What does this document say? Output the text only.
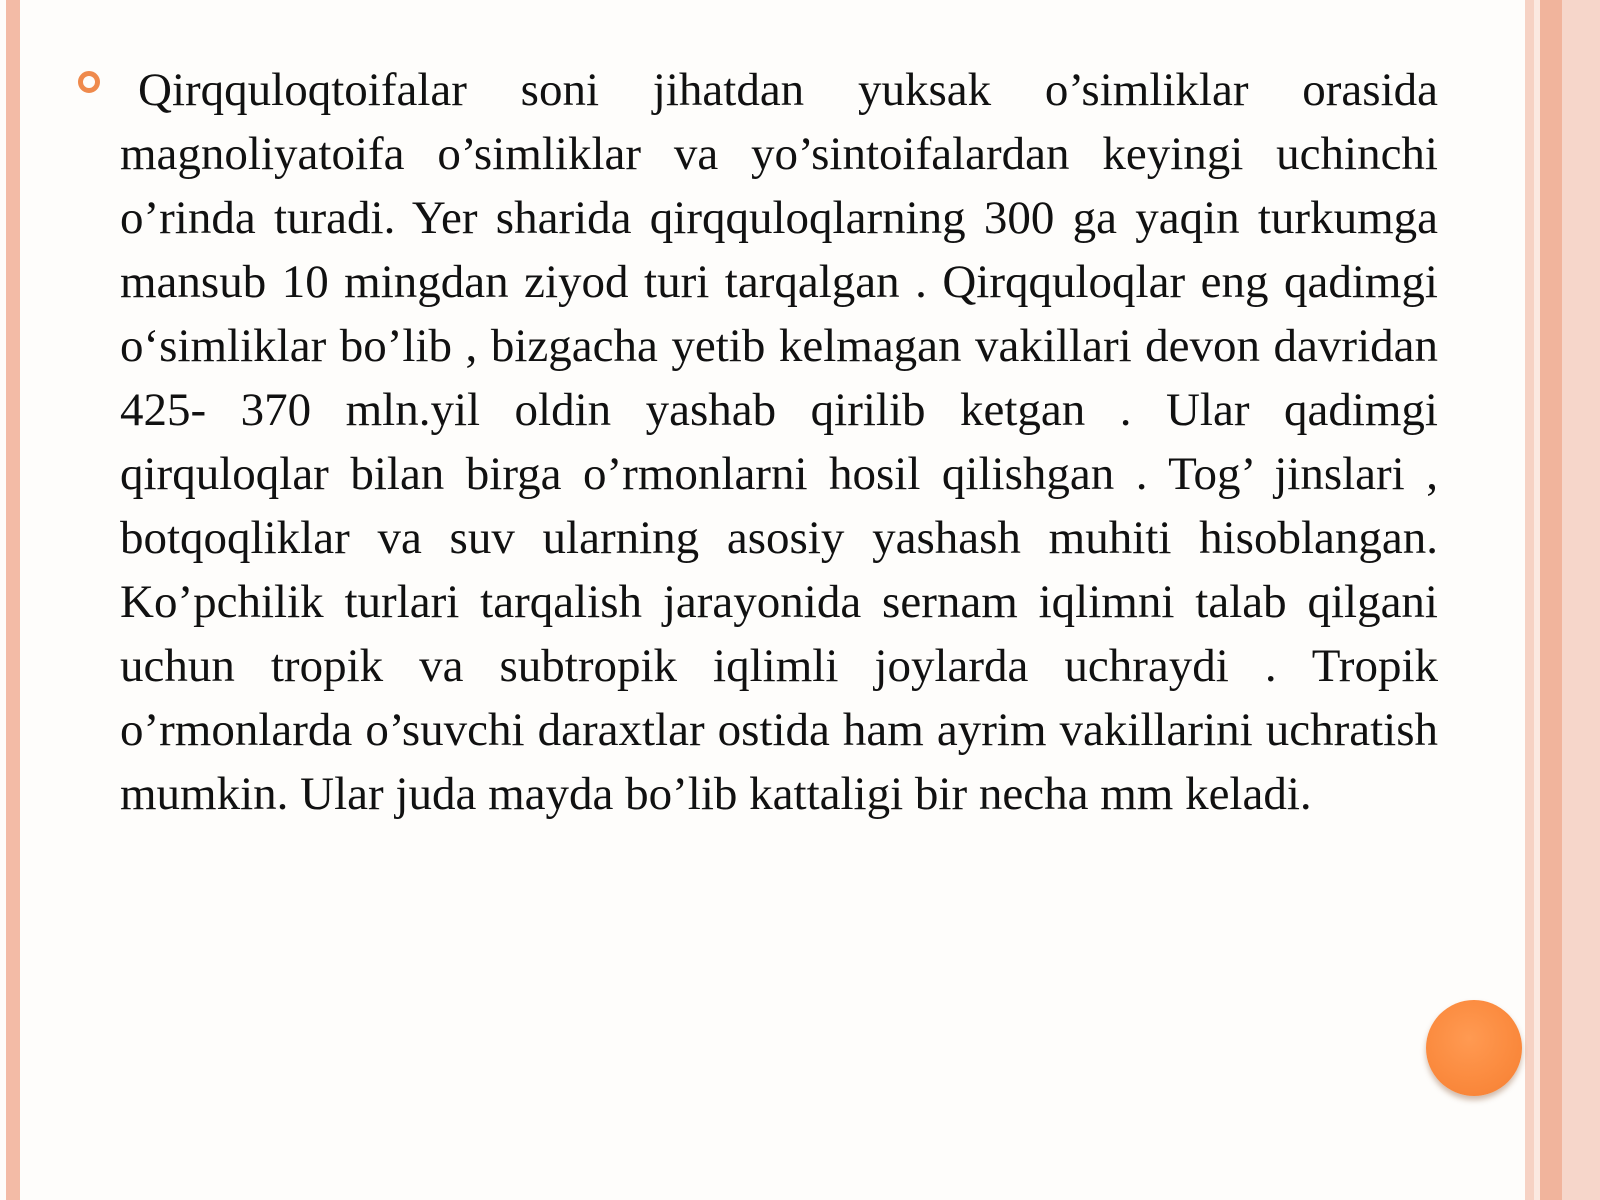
Qirqquloqtoifalar soni jihatdan yuksak o’simliklar orasida magnoliyatoifa o’simliklar va yo’sintoifalardan keyingi uchinchi o’rinda turadi. Yer sharida qirqquloqlarning 300 ga yaqin turkumga mansub 10 mingdan ziyod turi tarqalgan . Qirqquloqlar eng qadimgi o‘simliklar bo’lib , bizgacha yetib kelmagan vakillari devon davridan 425- 370 mln.yil oldin yashab qirilib ketgan . Ular qadimgi qirquloqlar bilan birga o’rmonlarni hosil qilishgan . Tog’ jinslari , botqoqliklar va suv ularning asosiy yashash muhiti hisoblangan. Ko’pchilik turlari tarqalish jarayonida sernam iqlimni talab qilgani uchun tropik va subtropik iqlimli joylarda uchraydi . Tropik o’rmonlarda o’suvchi daraxtlar ostida ham ayrim vakillarini uchratish mumkin. Ular juda mayda bo’lib kattaligi bir necha mm keladi.
